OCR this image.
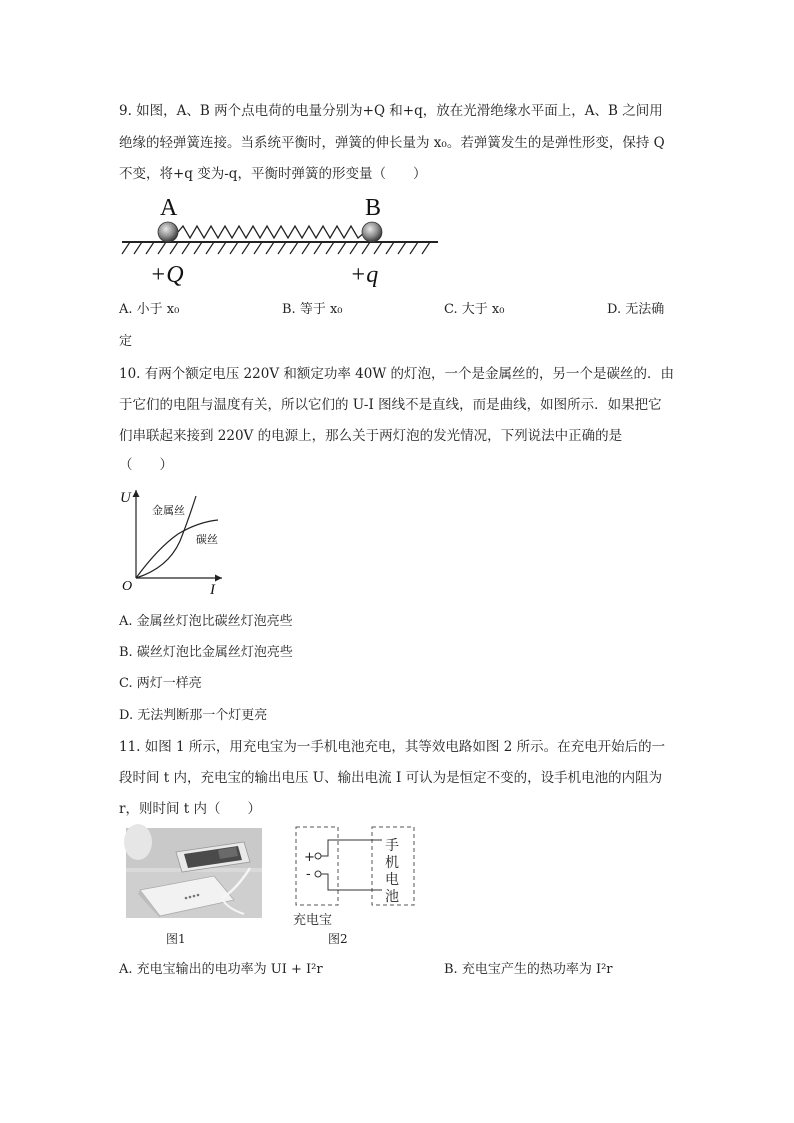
9. 如图，A、B 两个点电荷的电量分别为+Q 和+q，放在光滑绝缘水平面上，A、B 之间用
绝缘的轻弹簧连接。当系统平衡时，弹簧的伸长量为 x₀。若弹簧发生的是弹性形变，保持 Q
不变，将+q 变为-q，平衡时弹簧的形变量（　　）
A	B
+Q	+q
A. 小于 x₀	B. 等于 x₀	C. 大于 x₀	D. 无法确
定
10. 有两个额定电压 220V 和额定功率 40W 的灯泡，一个是金属丝的，另一个是碳丝的．由
于它们的电阻与温度有关，所以它们的 U-I 图线不是直线，而是曲线，如图所示．如果把它
们串联起来接到 220V 的电源上，那么关于两灯泡的发光情况，下列说法中正确的是
（　　）
U
I
O
金属丝
碳丝
A. 金属丝灯泡比碳丝灯泡亮些
B. 碳丝灯泡比金属丝灯泡亮些
C. 两灯一样亮
D. 无法判断那一个灯更亮
11. 如图 1 所示，用充电宝为一手机电池充电，其等效电路如图 2 所示。在充电开始后的一
段时间 t 内，充电宝的输出电压 U、输出电流 I 可认为是恒定不变的，设手机电池的内阻为
r，则时间 t 内（　　）
图1
+
-
手
机
电
池
充电宝
图2
A. 充电宝输出的电功率为 UI + I²r	B. 充电宝产生的热功率为 I²r
